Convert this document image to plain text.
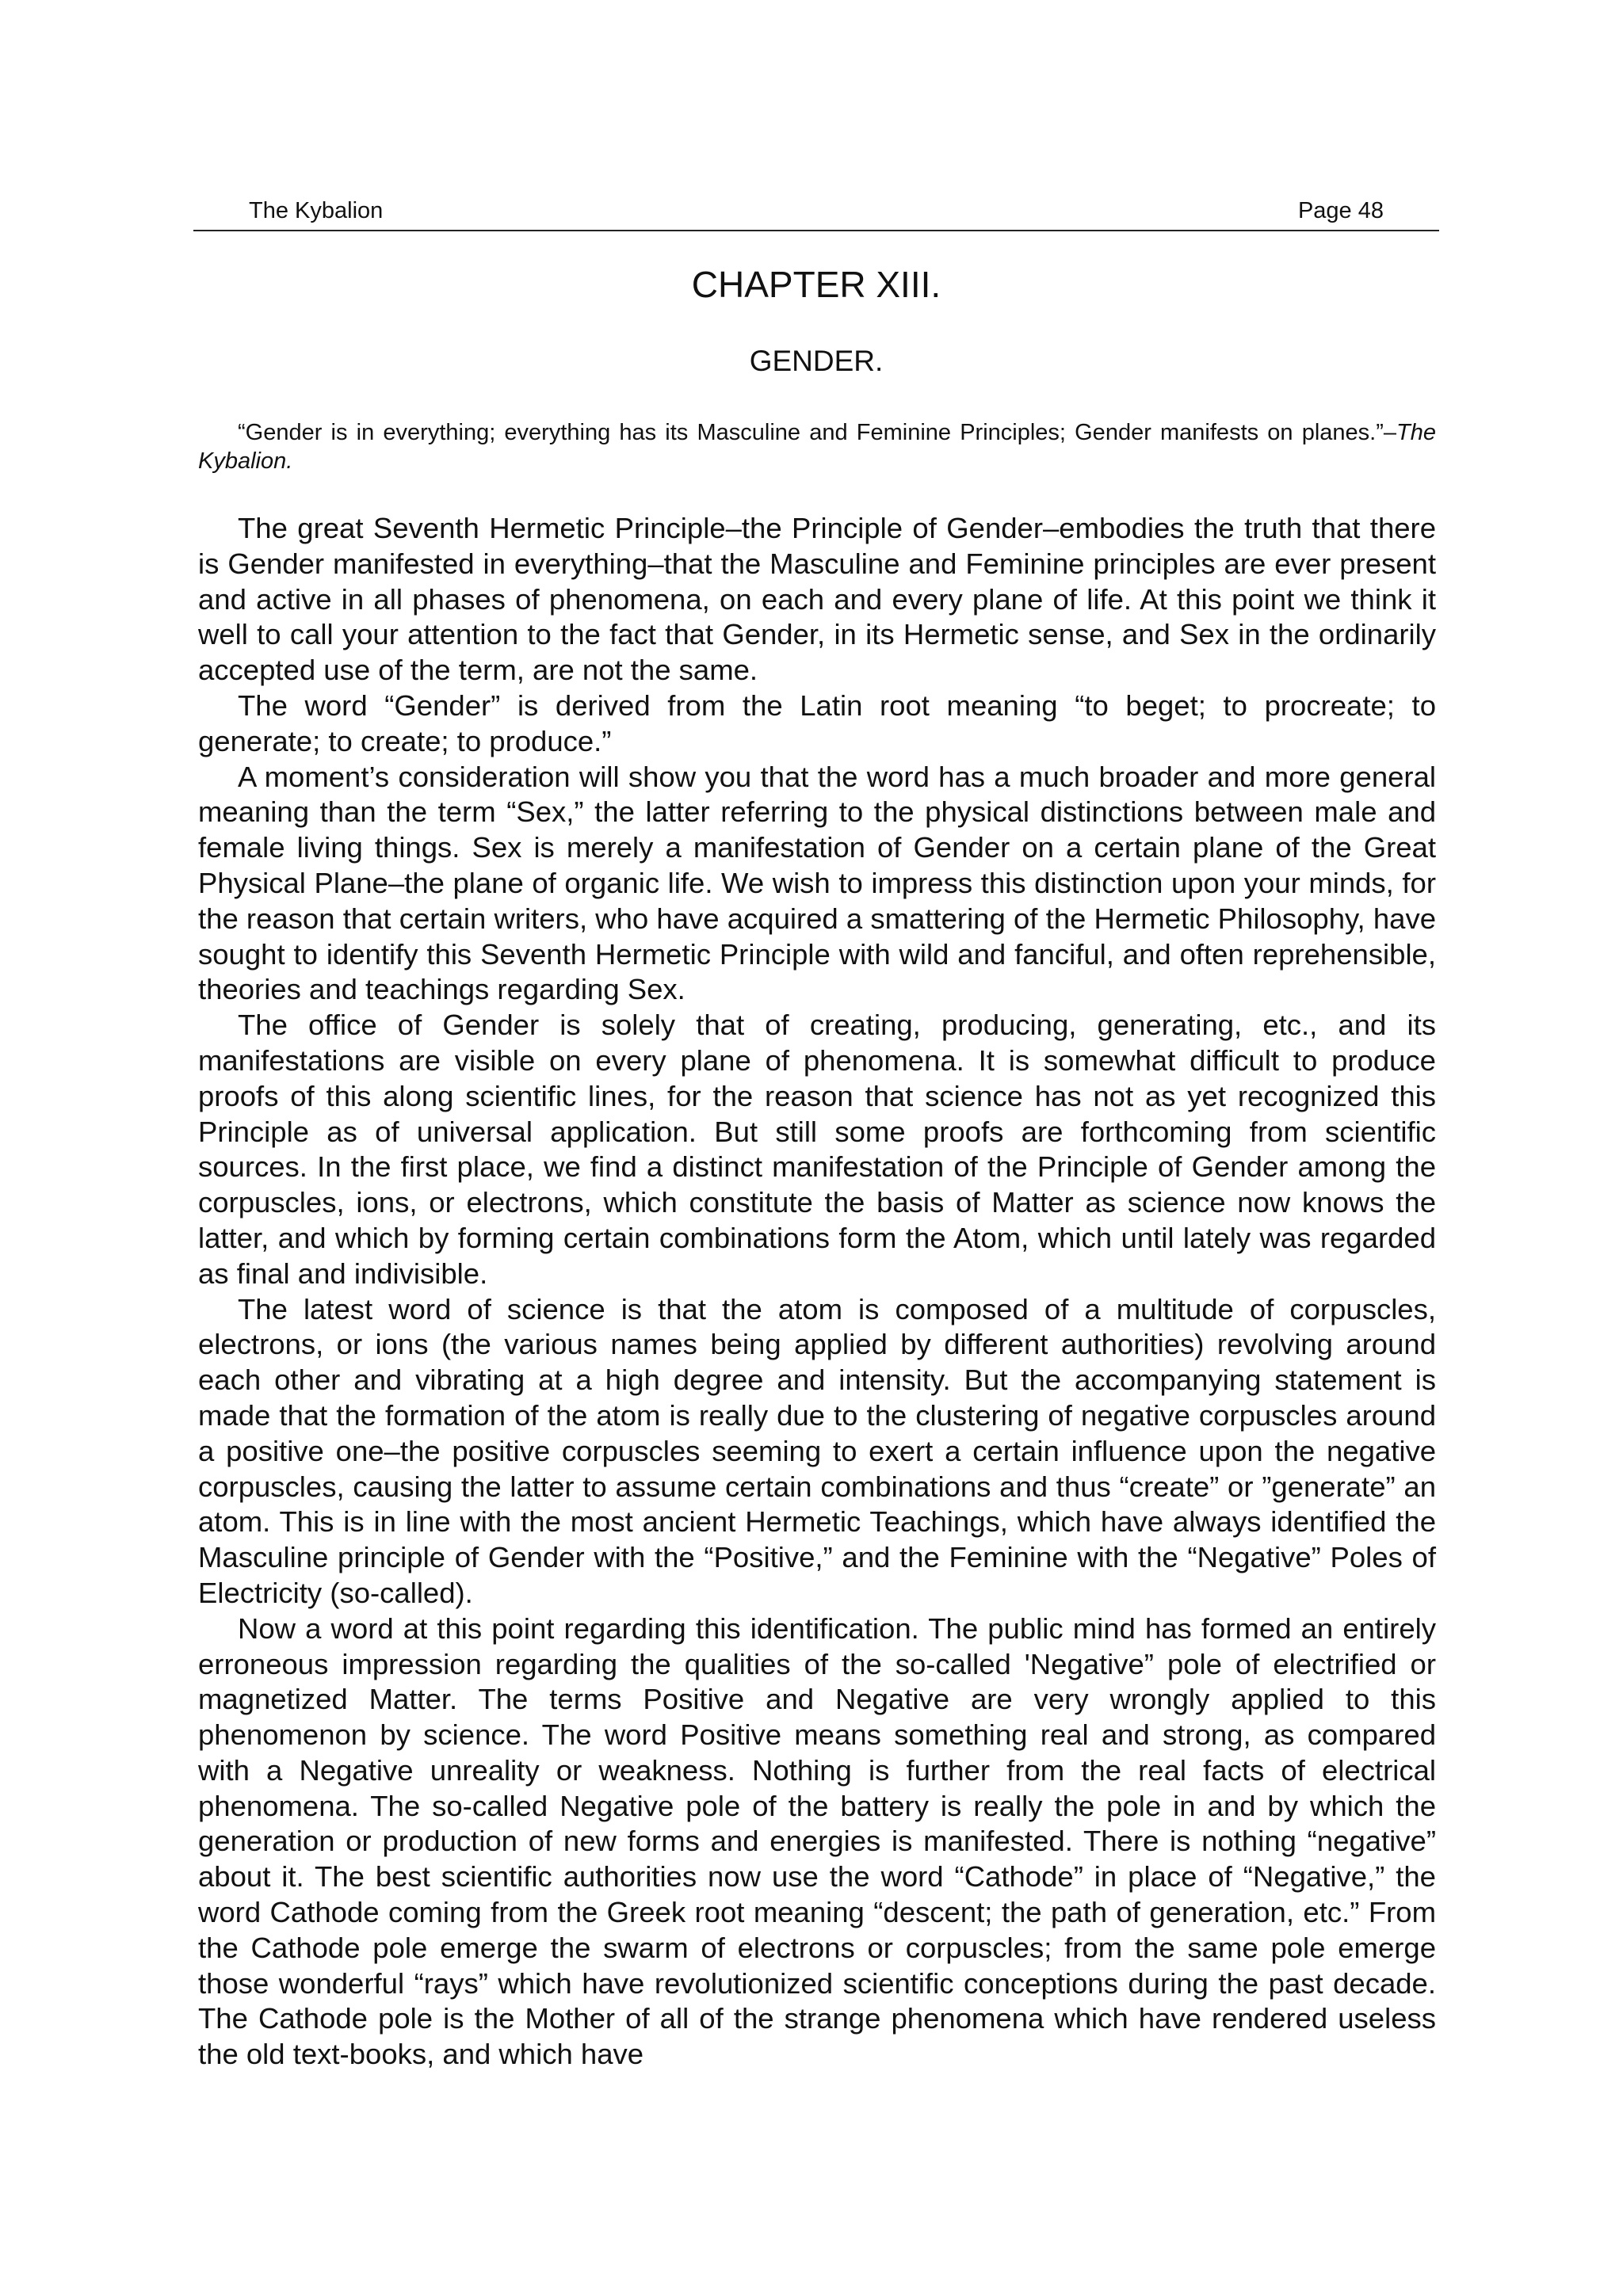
The Kybalion	Page 48
CHAPTER XIII.
GENDER.

“Gender is in everything; everything has its Masculine and Feminine Principles; Gender manifests on planes.”–The Kybalion.

The great Seventh Hermetic Principle–the Principle of Gender–embodies the truth that there is Gender manifested in everything–that the Masculine and Feminine principles are ever present and active in all phases of phenomena, on each and every plane of life. At this point we think it well to call your attention to the fact that Gender, in its Hermetic sense, and Sex in the ordinarily accepted use of the term, are not the same.

The word “Gender” is derived from the Latin root meaning “to beget; to procreate; to generate; to create; to produce.”

A moment’s consideration will show you that the word has a much broader and more general meaning than the term “Sex,” the latter referring to the physical distinctions between male and female living things. Sex is merely a manifestation of Gender on a certain plane of the Great Physical Plane–the plane of organic life. We wish to impress this distinction upon your minds, for the reason that certain writers, who have acquired a smattering of the Hermetic Philosophy, have sought to identify this Seventh Hermetic Principle with wild and fanciful, and often reprehensible, theories and teachings regarding Sex.

The office of Gender is solely that of creating, producing, generating, etc., and its manifestations are visible on every plane of phenomena. It is somewhat difficult to produce proofs of this along scientific lines, for the reason that science has not as yet recognized this Principle as of universal application. But still some proofs are forthcoming from scientific sources. In the first place, we find a distinct manifestation of the Principle of Gender among the corpuscles, ions, or electrons, which constitute the basis of Matter as science now knows the latter, and which by forming certain combinations form the Atom, which until lately was regarded as final and indivisible.

The latest word of science is that the atom is composed of a multitude of corpuscles, electrons, or ions (the various names being applied by different authorities) revolving around each other and vibrating at a high degree and intensity. But the accompanying statement is made that the formation of the atom is really due to the clustering of negative corpuscles around a positive one–the positive corpuscles seeming to exert a certain influence upon the negative corpuscles, causing the latter to assume certain combinations and thus “create” or ”generate” an atom. This is in line with the most ancient Hermetic Teachings, which have always identified the Masculine principle of Gender with the “Positive,” and the Feminine with the “Negative” Poles of Electricity (so-called).

Now a word at this point regarding this identification. The public mind has formed an entirely erroneous impression regarding the qualities of the so-called 'Negative” pole of electrified or magnetized Matter. The terms Positive and Negative are very wrongly applied to this phenomenon by science. The word Positive means something real and strong, as compared with a Negative unreality or weakness. Nothing is further from the real facts of electrical phenomena. The so-called Negative pole of the battery is really the pole in and by which the generation or production of new forms and energies is manifested. There is nothing “negative” about it. The best scientific authorities now use the word “Cathode” in place of “Negative,” the word Cathode coming from the Greek root meaning “descent; the path of generation, etc.” From the Cathode pole emerge the swarm of electrons or corpuscles; from the same pole emerge those wonderful “rays” which have revolutionized scientific conceptions during the past decade. The Cathode pole is the Mother of all of the strange phenomena which have rendered useless the old text-books, and which have
